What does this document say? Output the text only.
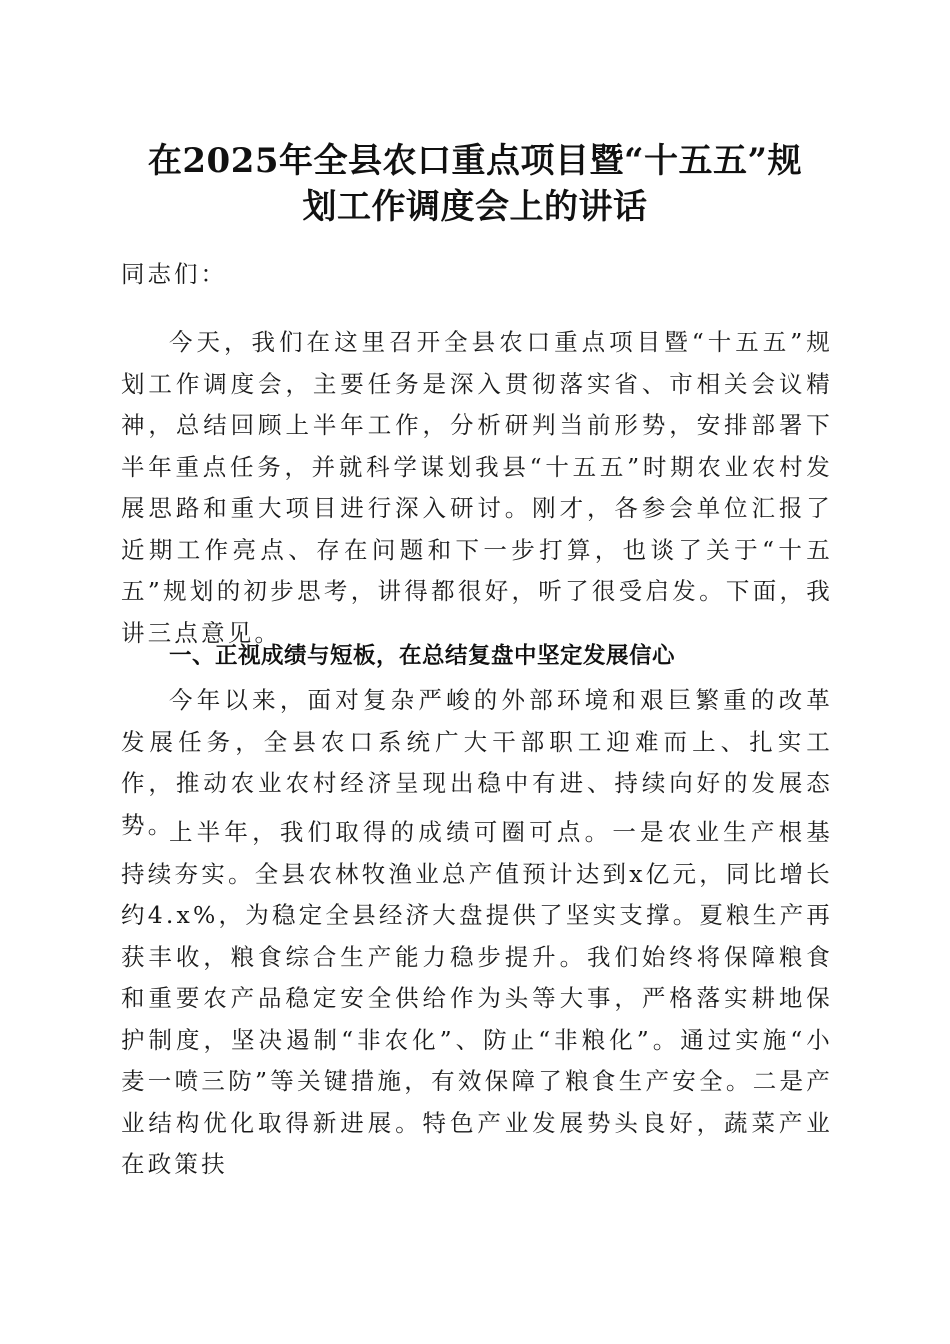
在2025年全县农口重点项目暨“十五五”规
划工作调度会上的讲话
同志们：

今天，我们在这里召开全县农口重点项目暨“十五五”规划工作调度会，主要任务是深入贯彻落实省、市相关会议精神，总结回顾上半年工作，分析研判当前形势，安排部署下半年重点任务，并就科学谋划我县“十五五”时期农业农村发展思路和重大项目进行深入研讨。刚才，各参会单位汇报了近期工作亮点、存在问题和下一步打算，也谈了关于“十五五”规划的初步思考，讲得都很好，听了很受启发。下面，我讲三点意见。

一、正视成绩与短板，在总结复盘中坚定发展信心

今年以来，面对复杂严峻的外部环境和艰巨繁重的改革发展任务，全县农口系统广大干部职工迎难而上、扎实工作，推动农业农村经济呈现出稳中有进、持续向好的发展态势。

上半年，我们取得的成绩可圈可点。一是农业生产根基持续夯实。全县农林牧渔业总产值预计达到x亿元，同比增长约4.x%，为稳定全县经济大盘提供了坚实支撑。夏粮生产再获丰收，粮食综合生产能力稳步提升。我们始终将保障粮食和重要农产品稳定安全供给作为头等大事，严格落实耕地保护制度，坚决遏制“非农化”、防止“非粮化”。通过实施“小麦一喷三防”等关键措施，有效保障了粮食生产安全。二是产业结构优化取得新进展。特色产业发展势头良好，蔬菜产业在政策扶
